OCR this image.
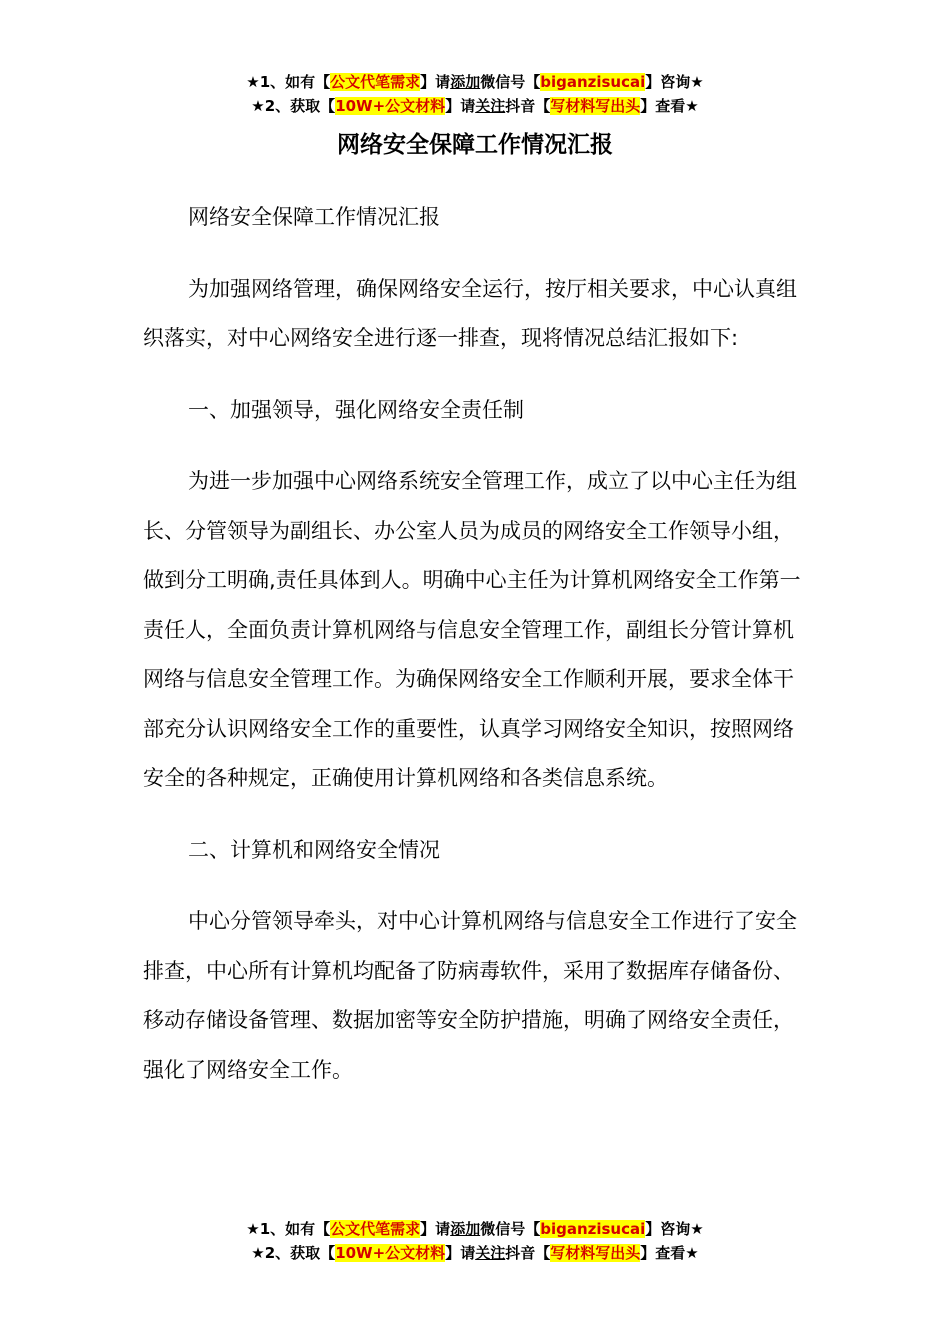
★1、如有【公文代笔需求】请添加微信号【biganzisucai】咨询★
★2、获取【10W+公文材料】请关注抖音【写材料写出头】查看★
网络安全保障工作情况汇报

网络安全保障工作情况汇报

为加强网络管理，确保网络安全运行，按厅相关要求，中心认真组织落实，对中心网络安全进行逐一排查，现将情况总结汇报如下:

一、加强领导，强化网络安全责任制

为进一步加强中心网络系统安全管理工作，成立了以中心主任为组长、分管领导为副组长、办公室人员为成员的网络安全工作领导小组，做到分工明确,责任具体到人。明确中心主任为计算机网络安全工作第一责任人，全面负责计算机网络与信息安全管理工作，副组长分管计算机网络与信息安全管理工作。为确保网络安全工作顺利开展，要求全体干部充分认识网络安全工作的重要性，认真学习网络安全知识，按照网络安全的各种规定，正确使用计算机网络和各类信息系统。

二、计算机和网络安全情况

中心分管领导牵头，对中心计算机网络与信息安全工作进行了安全排查，中心所有计算机均配备了防病毒软件，采用了数据库存储备份、移动存储设备管理、数据加密等安全防护措施，明确了网络安全责任，强化了网络安全工作。

★1、如有【公文代笔需求】请添加微信号【biganzisucai】咨询★
★2、获取【10W+公文材料】请关注抖音【写材料写出头】查看★
